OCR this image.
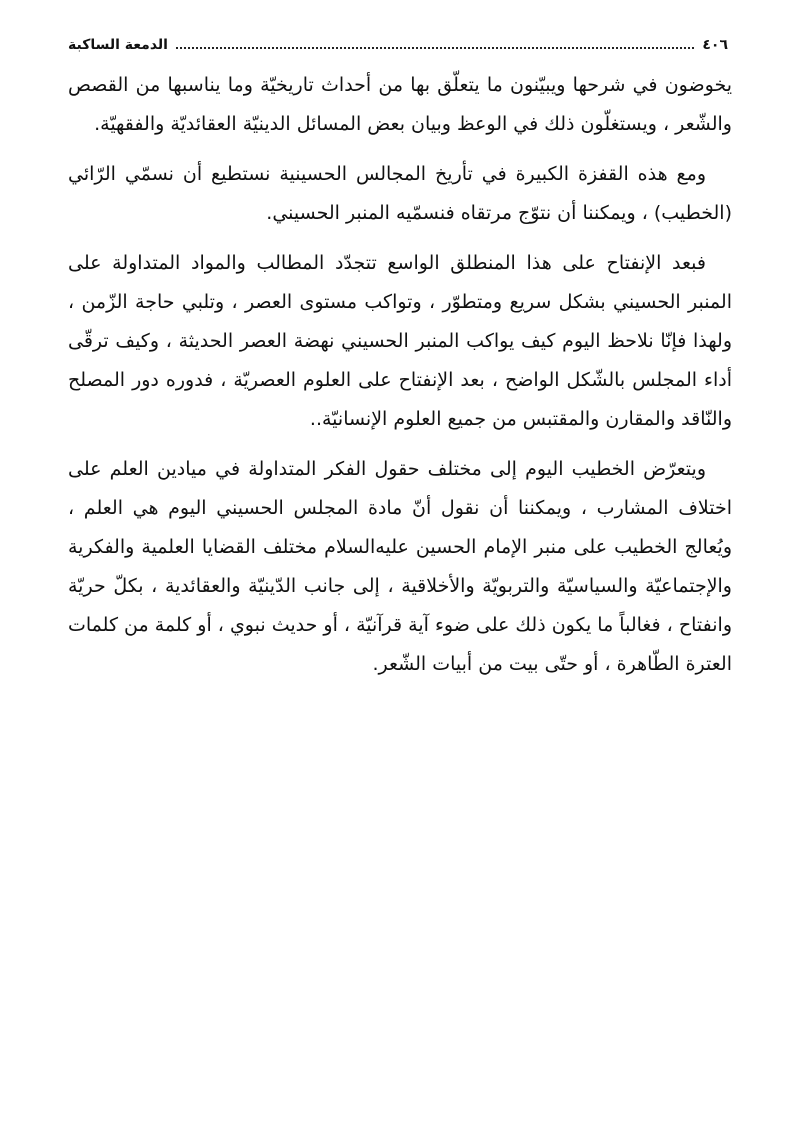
٤٠٦
الدمعة الساكبة

يخوضون في شرحها ويبيّنون ما يتعلّق بها من أحداث تاريخيّة وما يناسبها من القصص والشّعر ، ويستغلّون ذلك في الوعظ وبيان بعض المسائل الدينيّة العقائديّة والفقهيّة.

ومع هذه القفزة الكبيرة في تأريخ المجالس الحسينية نستطيع أن نسمّي الرّائي (الخطيب) ، ويمكننا أن نتوّج مرتقاه فنسمّيه المنبر الحسيني.

فبعد الإنفتاح على هذا المنطلق الواسع تتجدّد المطالب والمواد المتداولة على المنبر الحسيني بشكل سريع ومتطوّر ، وتواكب مستوى العصر ، وتلبي حاجة الزّمن ، ولهذا فإنّا نلاحظ اليوم كيف يواكب المنبر الحسيني نهضة العصر الحديثة ، وكيف ترقّى أداء المجلس بالشّكل الواضح ، بعد الإنفتاح على العلوم العصريّة ، فدوره دور المصلح والنّاقد والمقارن والمقتبس من جميع العلوم الإنسانيّة..

ويتعرّض الخطيب اليوم إلى مختلف حقول الفكر المتداولة في ميادين العلم على اختلاف المشارب ، ويمكننا أن نقول أنّ مادة المجلس الحسيني اليوم هي العلم ، ويُعالج الخطيب على منبر الإمام الحسين عليه‌السلام مختلف القضايا العلمية والفكرية والإجتماعيّة والسياسيّة والتربويّة والأخلاقية ، إلى جانب الدّينيّة والعقائدية ، بكلّ حريّة وانفتاح ، فغالباً ما يكون ذلك على ضوء آية قرآنيّة ، أو حديث نبوي ، أو كلمة من كلمات العترة الطّاهرة ، أو حتّى بيت من أبيات الشّعر.
